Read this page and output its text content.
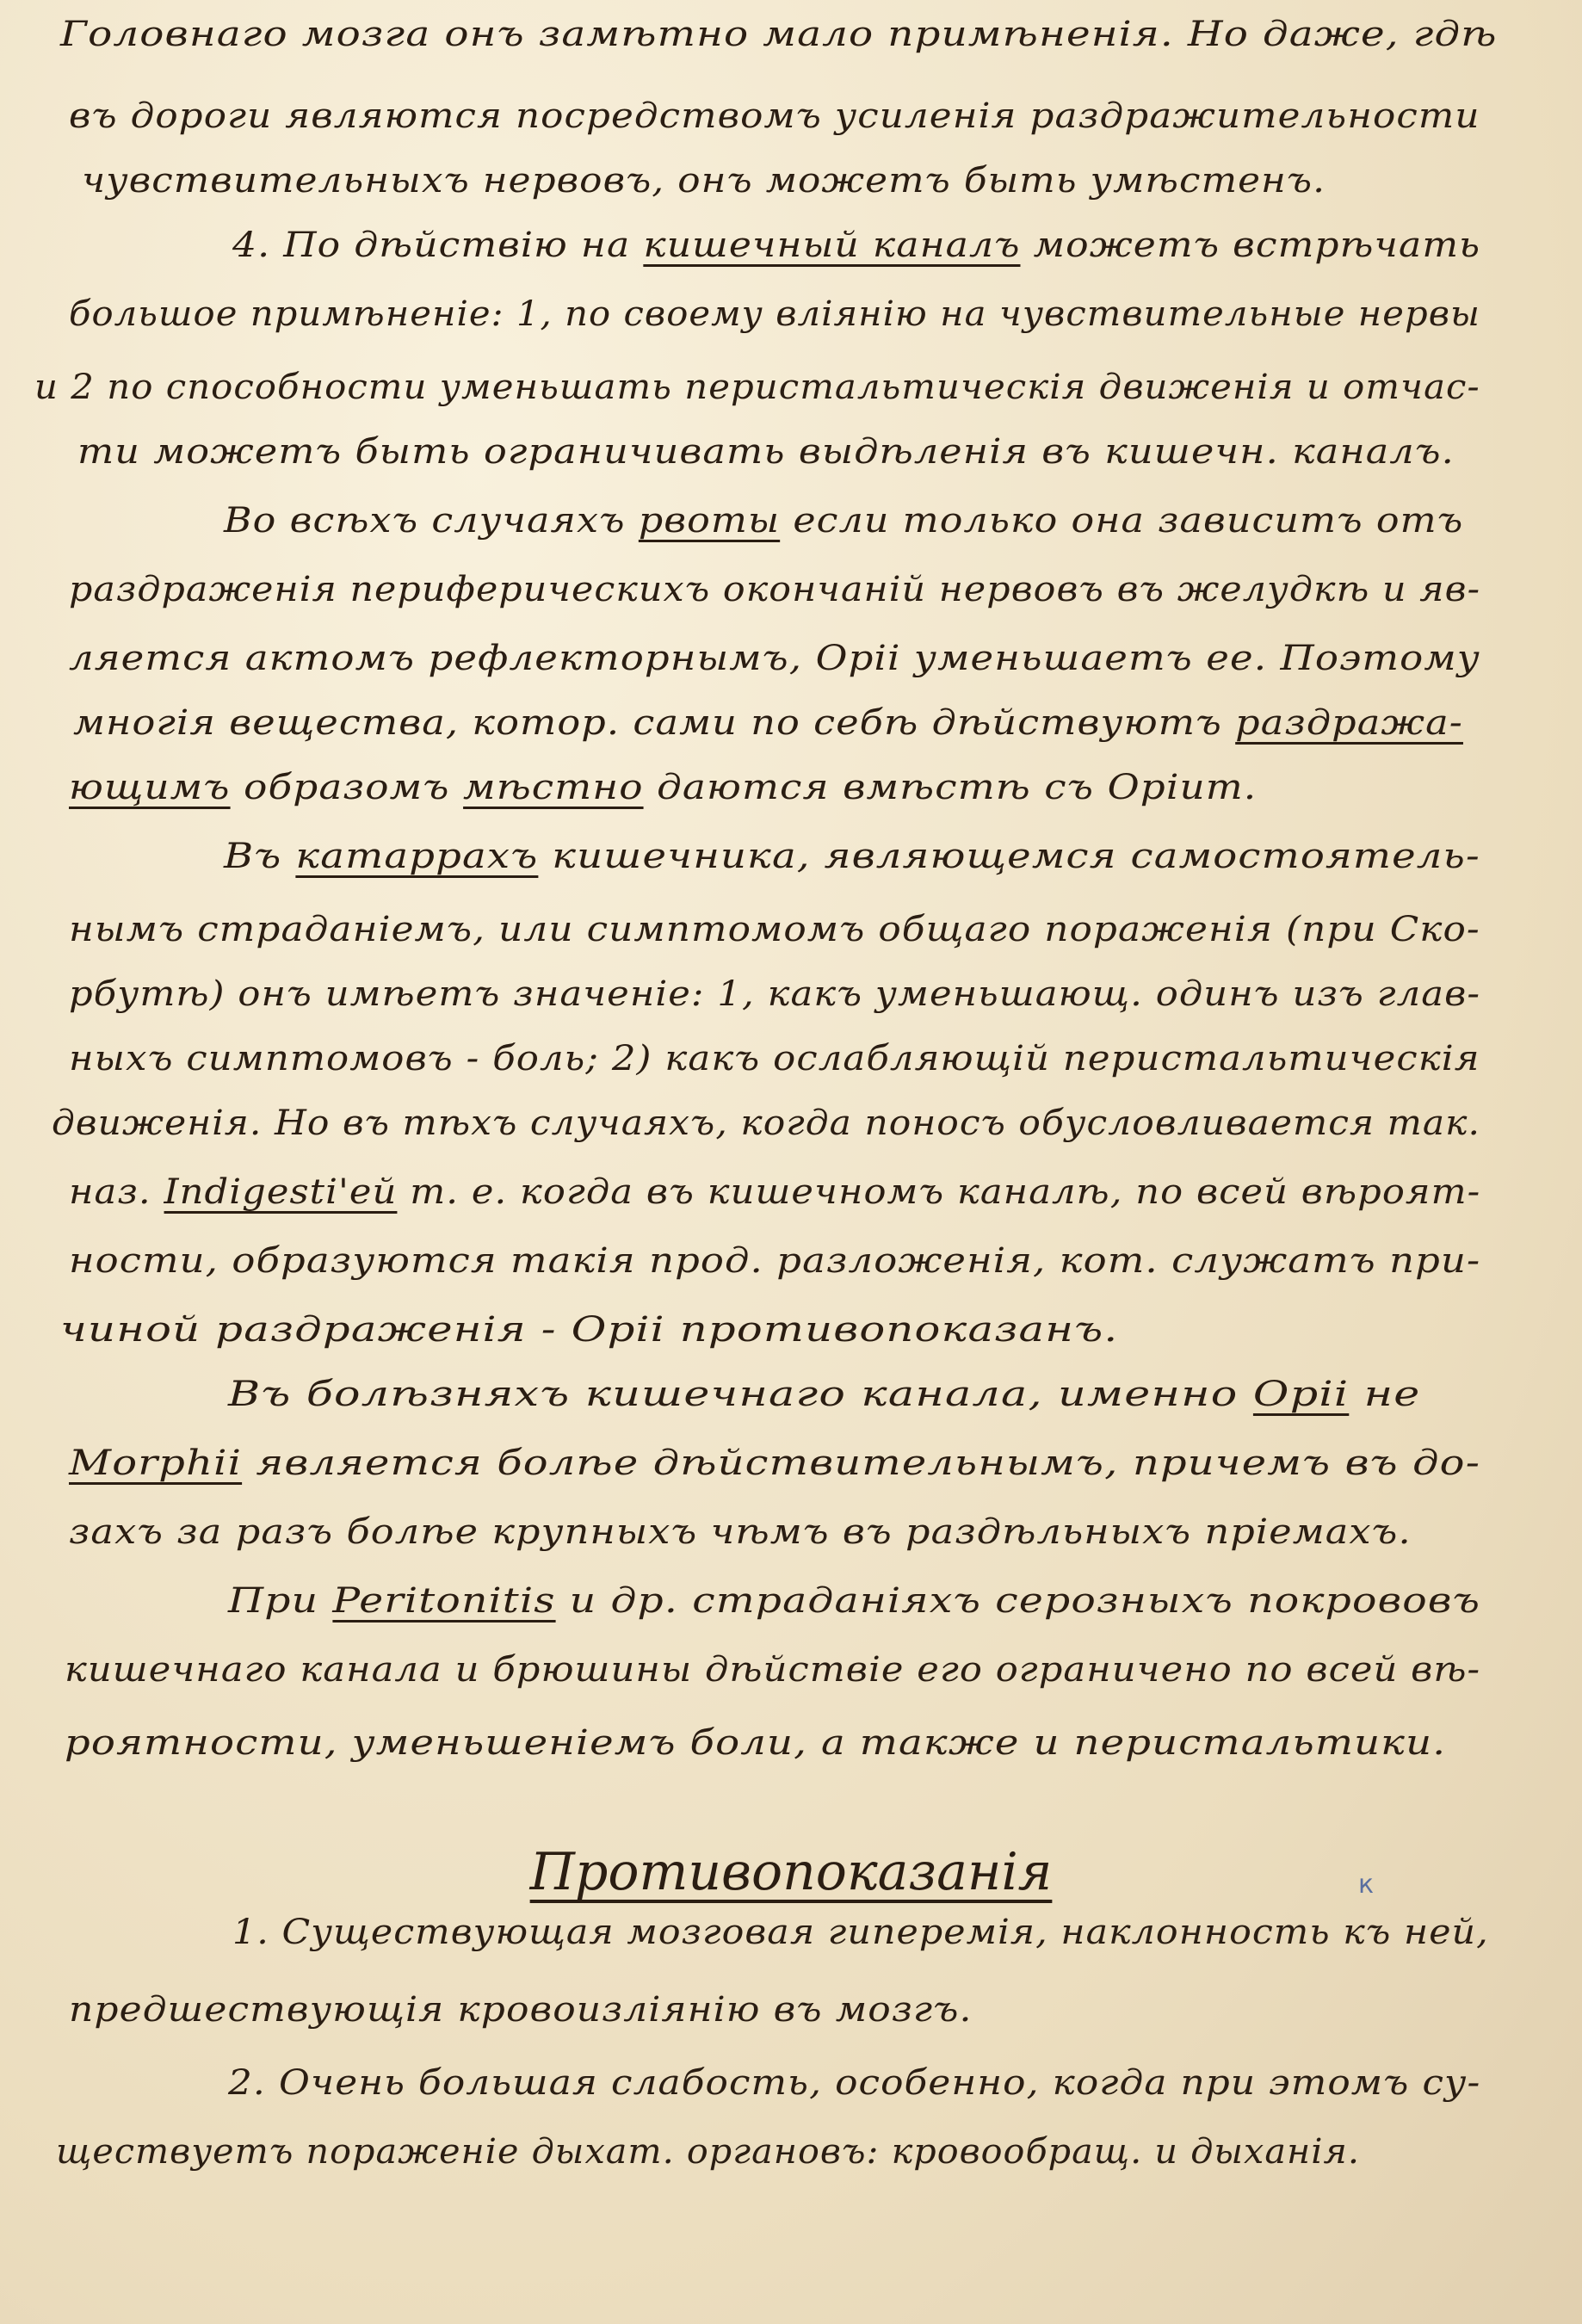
Головнаго мозга онъ замѣтно мало примѣненія. Но даже, гдѣ
въ дороги являются посредствомъ усиленія раздражительности
чувствительныхъ нервовъ, онъ можетъ быть умѣстенъ.
4. По дѣйствію на кишечный каналъ можетъ встрѣчать
большое примѣненіе: 1, по своему вліянію на чувствительные нервы
и 2 по способности уменьшать перистальтическія движенія и отчас-
ти можетъ быть ограничивать выдѣленія въ кишечн. каналъ.
Во всѣхъ случаяхъ рвоты если только она зависитъ отъ
раздраженія периферическихъ окончаній нервовъ въ желудкѣ и яв-
ляется актомъ рефлекторнымъ, Opii уменьшаетъ ее. Поэтому
многія вещества, котор. сами по себѣ дѣйствуютъ раздража-
ющимъ образомъ мѣстно даются вмѣстѣ съ Opium.
Въ катаррахъ кишечника, являющемся самостоятель-
нымъ страданіемъ, или симптомомъ общаго пораженія (при Ско-
рбутѣ) онъ имѣетъ значеніе: 1, какъ уменьшающ. одинъ изъ глав-
ныхъ симптомовъ - боль; 2) какъ ослабляющій перистальтическія
движенія. Но въ тѣхъ случаяхъ, когда поносъ обусловливается так.
наз. Indigesti'ей т. е. когда въ кишечномъ каналѣ, по всей вѣроят-
ности, образуются такія прод. разложенія, кот. служатъ при-
чиной раздраженія - Opii противопоказанъ.
Въ болѣзняхъ кишечнаго канала, именно Opii не
Morphii является болѣе дѣйствительнымъ, причемъ въ до-
захъ за разъ болѣе крупныхъ чѣмъ въ раздѣльныхъ пріемахъ.
При Peritonitis и др. страданіяхъ серозныхъ покрововъ
кишечнаго канала и брюшины дѣйствіе его ограничено по всей вѣ-
роятности, уменьшеніемъ боли, а также и перистальтики.
Противопоказанія	к
1. Существующая мозговая гиперемія, наклонность къ ней,
предшествующія кровоизліянію въ мозгъ.
2. Очень большая слабость, особенно, когда при этомъ су-
ществуетъ пораженіе дыхат. органовъ: кровообращ. и дыханія.
